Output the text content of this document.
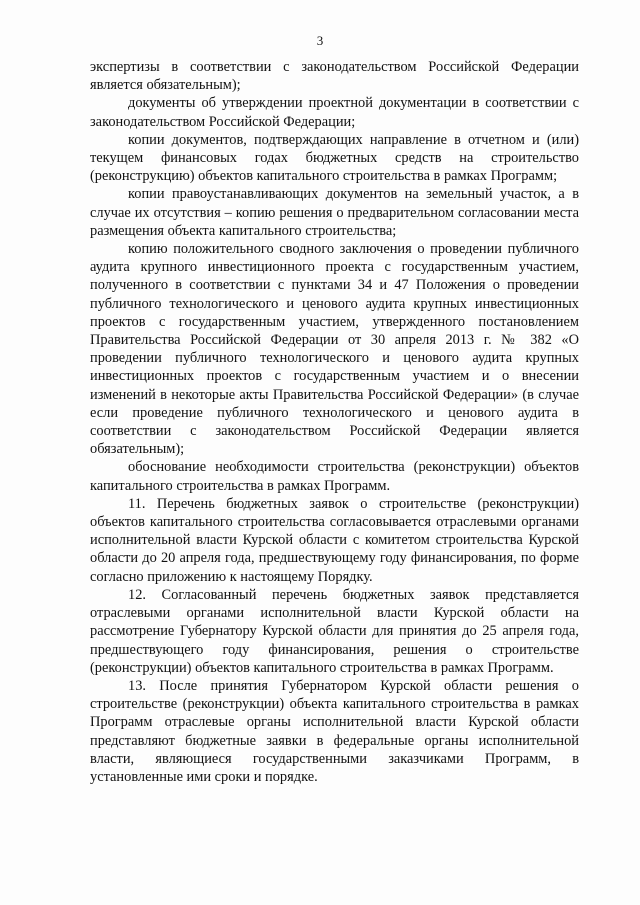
3

экспертизы в соответствии с законодательством Российской Федерации является обязательным);

документы об утверждении проектной документации в соответствии с законодательством Российской Федерации;

копии документов, подтверждающих направление в отчетном и (или) текущем финансовых годах бюджетных средств на строительство (реконструкцию) объектов капитального строительства в рамках Программ;

копии правоустанавливающих документов на земельный участок, а в случае их отсутствия – копию решения о предварительном согласовании места размещения объекта капитального строительства;

копию положительного сводного заключения о проведении публичного аудита крупного инвестиционного проекта с государственным участием, полученного в соответствии с пунктами 34 и 47 Положения о проведении публичного технологического и ценового аудита крупных инвестиционных проектов с государственным участием, утвержденного постановлением Правительства Российской Федерации от 30 апреля 2013 г. № 382 «О проведении публичного технологического и ценового аудита крупных инвестиционных проектов с государственным участием и о внесении изменений в некоторые акты Правительства Российской Федерации» (в случае если проведение публичного технологического и ценового аудита в соответствии с законодательством Российской Федерации является обязательным);

обоснование необходимости строительства (реконструкции) объектов капитального строительства в рамках Программ.

11. Перечень бюджетных заявок о строительстве (реконструкции) объектов капитального строительства согласовывается отраслевыми органами исполнительной власти Курской области с комитетом строительства Курской области до 20 апреля года, предшествующему году финансирования, по форме согласно приложению к настоящему Порядку.

12. Согласованный перечень бюджетных заявок представляется отраслевыми органами исполнительной власти Курской области на рассмотрение Губернатору Курской области для принятия до 25 апреля года, предшествующего году финансирования, решения о строительстве (реконструкции) объектов капитального строительства в рамках Программ.

13. После принятия Губернатором Курской области решения о строительстве (реконструкции) объекта капитального строительства в рамках Программ отраслевые органы исполнительной власти Курской области представляют бюджетные заявки в федеральные органы исполнительной власти, являющиеся государственными заказчиками Программ, в установленные ими сроки и порядке.
